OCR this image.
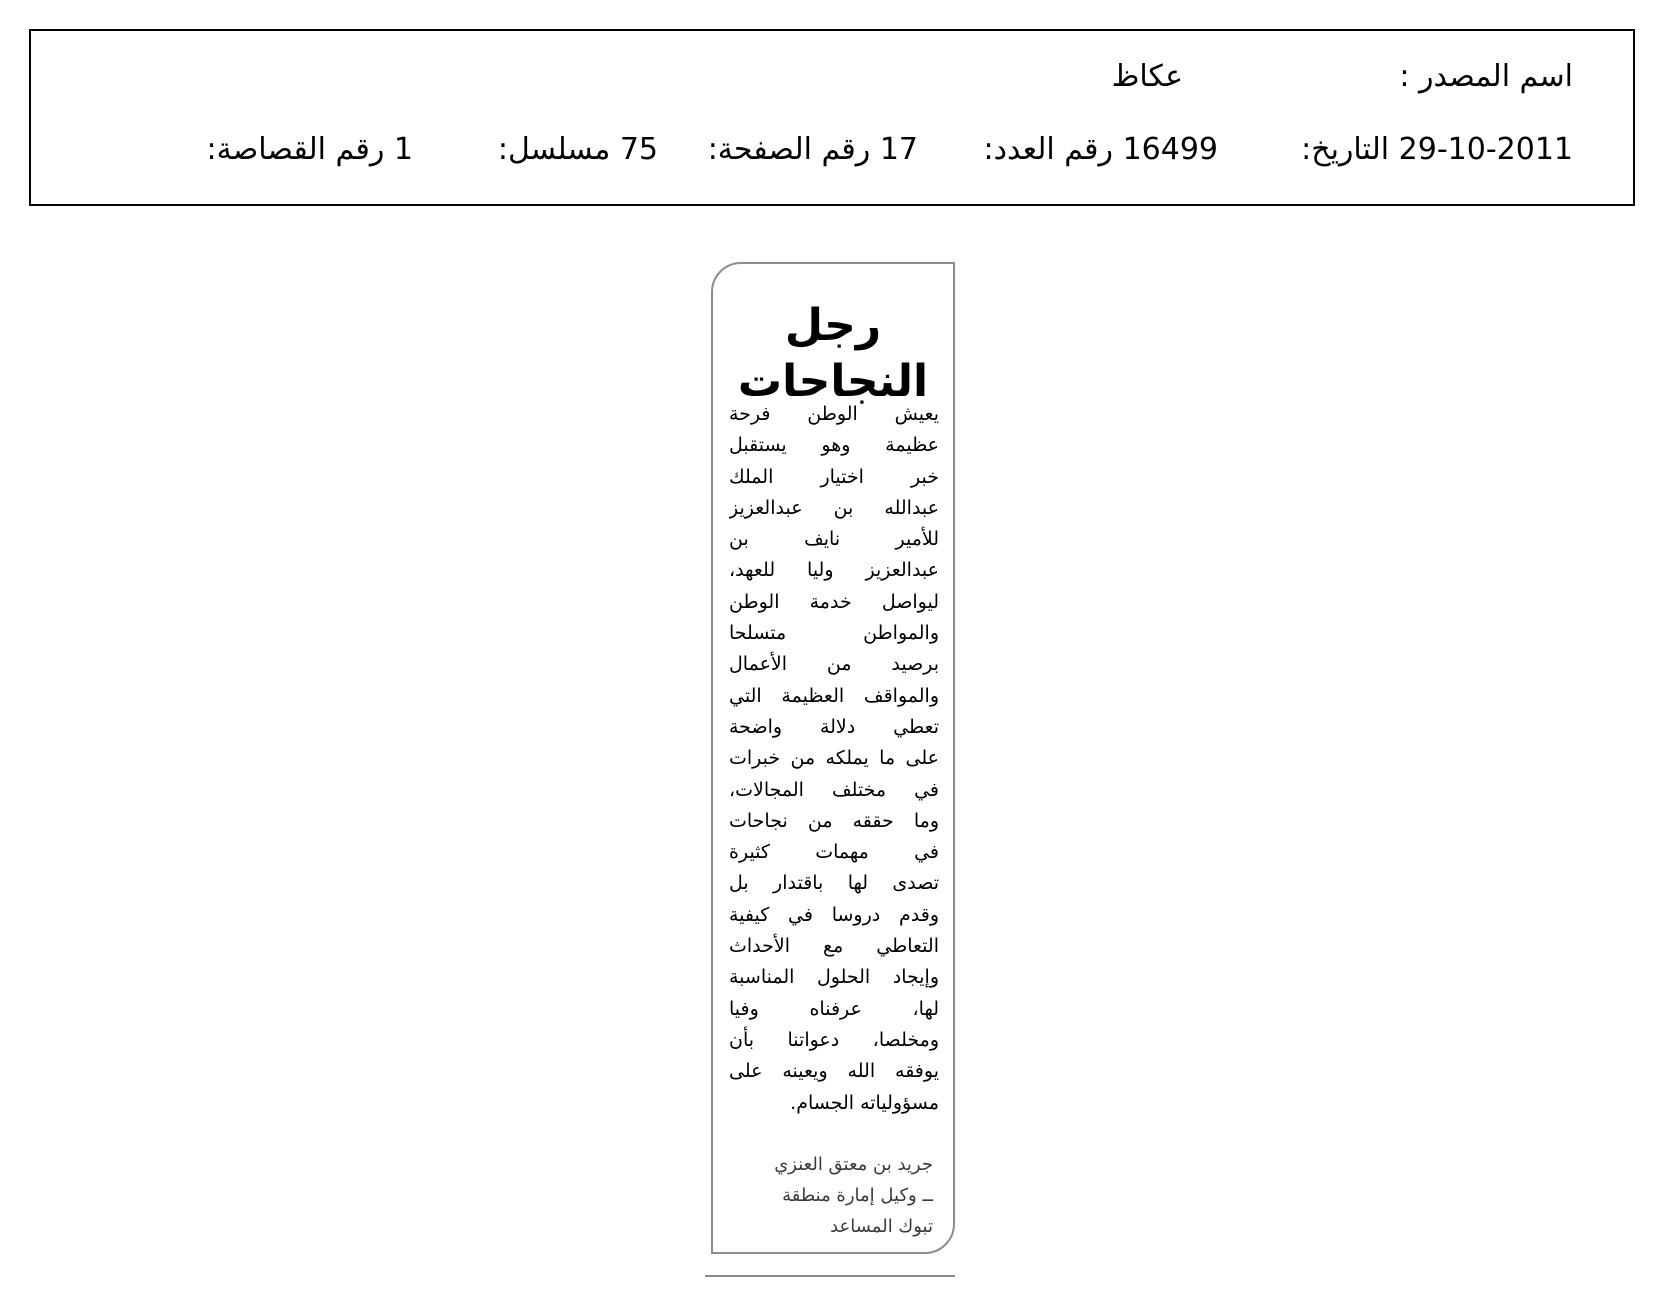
اسم المصدر :
عكاظ
التاريخ: 29-10-2011
رقم العدد: 16499
رقم الصفحة: 17
مسلسل: 75
رقم القصاصة: 1
رجل النجاحات
يعيش الوطن فرحة
عظيمة وهو يستقبل
خبر اختيار الملك
عبدالله بن عبدالعزيز
للأمير نايف بن
عبدالعزيز وليا للعهد،
ليواصل خدمة الوطن
والمواطن متسلحا
برصيد من الأعمال
والمواقف العظيمة التي
تعطي دلالة واضحة
على ما يملكه من خبرات
في مختلف المجالات،
وما حققه من نجاحات
في مهمات كثيرة
تصدى لها باقتدار بل
وقدم دروسا في كيفية
التعاطي مع الأحداث
وإيجاد الحلول المناسبة
لها، عرفناه وفيا
ومخلصا، دعواتنا بأن
يوفقه الله ويعينه على
مسؤولياته الجسام.
جريد بن معتق العنزي
ــ وكيل إمارة منطقة
تبوك المساعد
